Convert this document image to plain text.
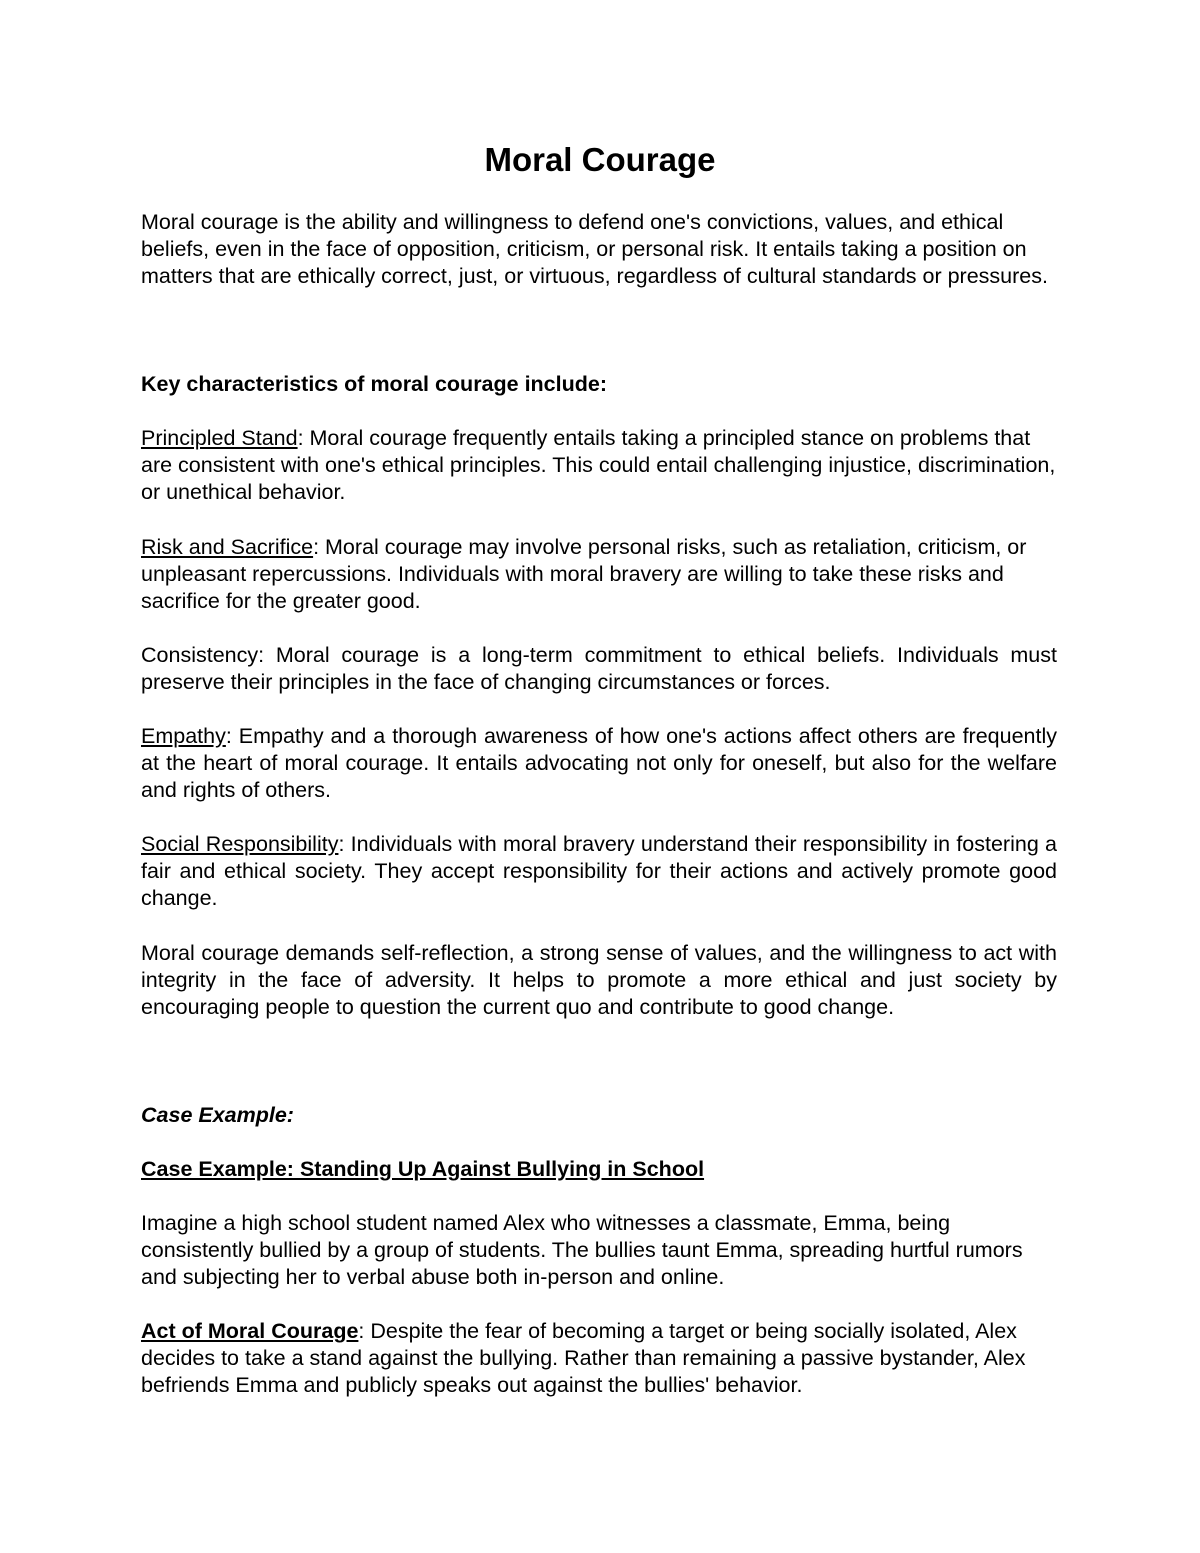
Moral Courage
Moral courage is the ability and willingness to defend one's convictions, values, and ethical beliefs, even in the face of opposition, criticism, or personal risk. It entails taking a position on matters that are ethically correct, just, or virtuous, regardless of cultural standards or pressures.
Key characteristics of moral courage include:
Principled Stand: Moral courage frequently entails taking a principled stance on problems that are consistent with one's ethical principles. This could entail challenging injustice, discrimination, or unethical behavior.
Risk and Sacrifice: Moral courage may involve personal risks, such as retaliation, criticism, or unpleasant repercussions. Individuals with moral bravery are willing to take these risks and sacrifice for the greater good.
Consistency: Moral courage is a long-term commitment to ethical beliefs. Individuals must preserve their principles in the face of changing circumstances or forces.
Empathy: Empathy and a thorough awareness of how one's actions affect others are frequently at the heart of moral courage. It entails advocating not only for oneself, but also for the welfare and rights of others.
Social Responsibility: Individuals with moral bravery understand their responsibility in fostering a fair and ethical society. They accept responsibility for their actions and actively promote good change.
Moral courage demands self-reflection, a strong sense of values, and the willingness to act with integrity in the face of adversity. It helps to promote a more ethical and just society by encouraging people to question the current quo and contribute to good change.
Case Example:
Case Example: Standing Up Against Bullying in School
Imagine a high school student named Alex who witnesses a classmate, Emma, being consistently bullied by a group of students. The bullies taunt Emma, spreading hurtful rumors and subjecting her to verbal abuse both in-person and online.
Act of Moral Courage: Despite the fear of becoming a target or being socially isolated, Alex decides to take a stand against the bullying. Rather than remaining a passive bystander, Alex befriends Emma and publicly speaks out against the bullies' behavior.
